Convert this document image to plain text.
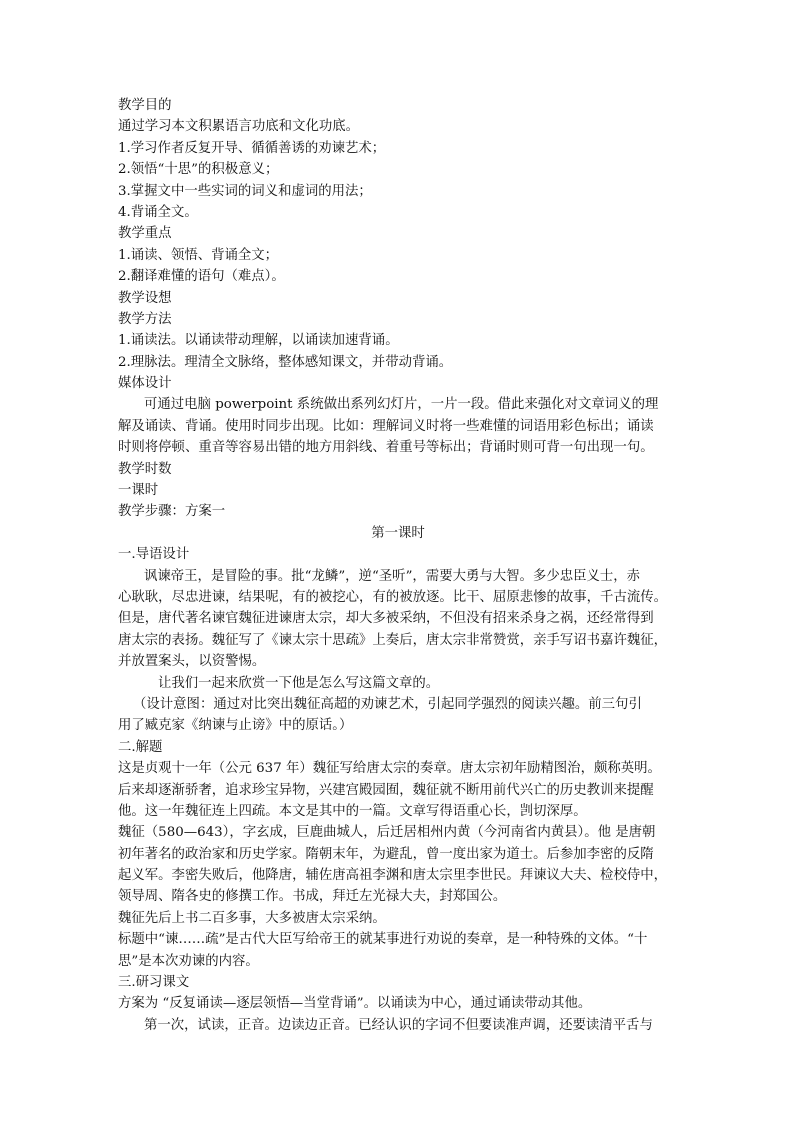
教学目的
通过学习本文积累语言功底和文化功底。
1.学习作者反复开导、循循善诱的劝谏艺术；
2.领悟“十思”的积极意义；
3.掌握文中一些实词的词义和虚词的用法；
4.背诵全文。
教学重点
1.诵读、领悟、背诵全文；
2.翻译难懂的语句（难点）。
教学设想
教学方法
1.诵读法。以诵读带动理解，以诵读加速背诵。
2.理脉法。理清全文脉络，整体感知课文，并带动背诵。
媒体设计
可通过电脑 powerpoint 系统做出系列幻灯片，一片一段。借此来强化对文章词义的理
解及诵读、背诵。使用时同步出现。比如：理解词义时将一些难懂的词语用彩色标出；诵读
时则将停顿、重音等容易出错的地方用斜线、着重号等标出；背诵时则可背一句出现一句。
教学时数
一课时
教学步骤：方案一
第一课时
一.导语设计
讽谏帝王，是冒险的事。批“龙鳞”，逆“圣听”，需要大勇与大智。多少忠臣义士，赤
心耿耿，尽忠进谏，结果呢，有的被挖心，有的被放逐。比干、屈原悲惨的故事，千古流传。
但是，唐代著名谏官魏征进谏唐太宗，却大多被采纳，不但没有招来杀身之祸，还经常得到
唐太宗的表扬。魏征写了《谏太宗十思疏》上奏后，唐太宗非常赞赏，亲手写诏书嘉许魏征，
并放置案头，以资警惕。
让我们一起来欣赏一下他是怎么写这篇文章的。
（设计意图：通过对比突出魏征高超的劝谏艺术，引起同学强烈的阅读兴趣。前三句引
用了臧克家《纳谏与止谤》中的原话。）
二.解题
这是贞观十一年（公元 637 年）魏征写给唐太宗的奏章。唐太宗初年励精图治，颇称英明。
后来却逐渐骄奢，追求珍宝异物，兴建宫殿园囿，魏征就不断用前代兴亡的历史教训来提醒
他。这一年魏征连上四疏。本文是其中的一篇。文章写得语重心长，剀切深厚。
魏征（580—643），字玄成，巨鹿曲城人，后迁居相州内黄（今河南省内黄县）。他 是唐朝
初年著名的政治家和历史学家。隋朝末年，为避乱，曾一度出家为道士。后参加李密的反隋
起义军。李密失败后，他降唐，辅佐唐高祖李渊和唐太宗里李世民。拜谏议大夫、检校侍中，
领导周、隋各史的修撰工作。书成，拜迁左光禄大夫，封郑国公。
魏征先后上书二百多事，大多被唐太宗采纳。
标题中“谏……疏”是古代大臣写给帝王的就某事进行劝说的奏章，是一种特殊的文体。“十
思”是本次劝谏的内容。
三.研习课文
方案为 “反复诵读—逐层领悟—当堂背诵”。以诵读为中心，通过诵读带动其他。
第一次，试读，正音。边读边正音。已经认识的字词不但要读准声调，还要读清平舌与
